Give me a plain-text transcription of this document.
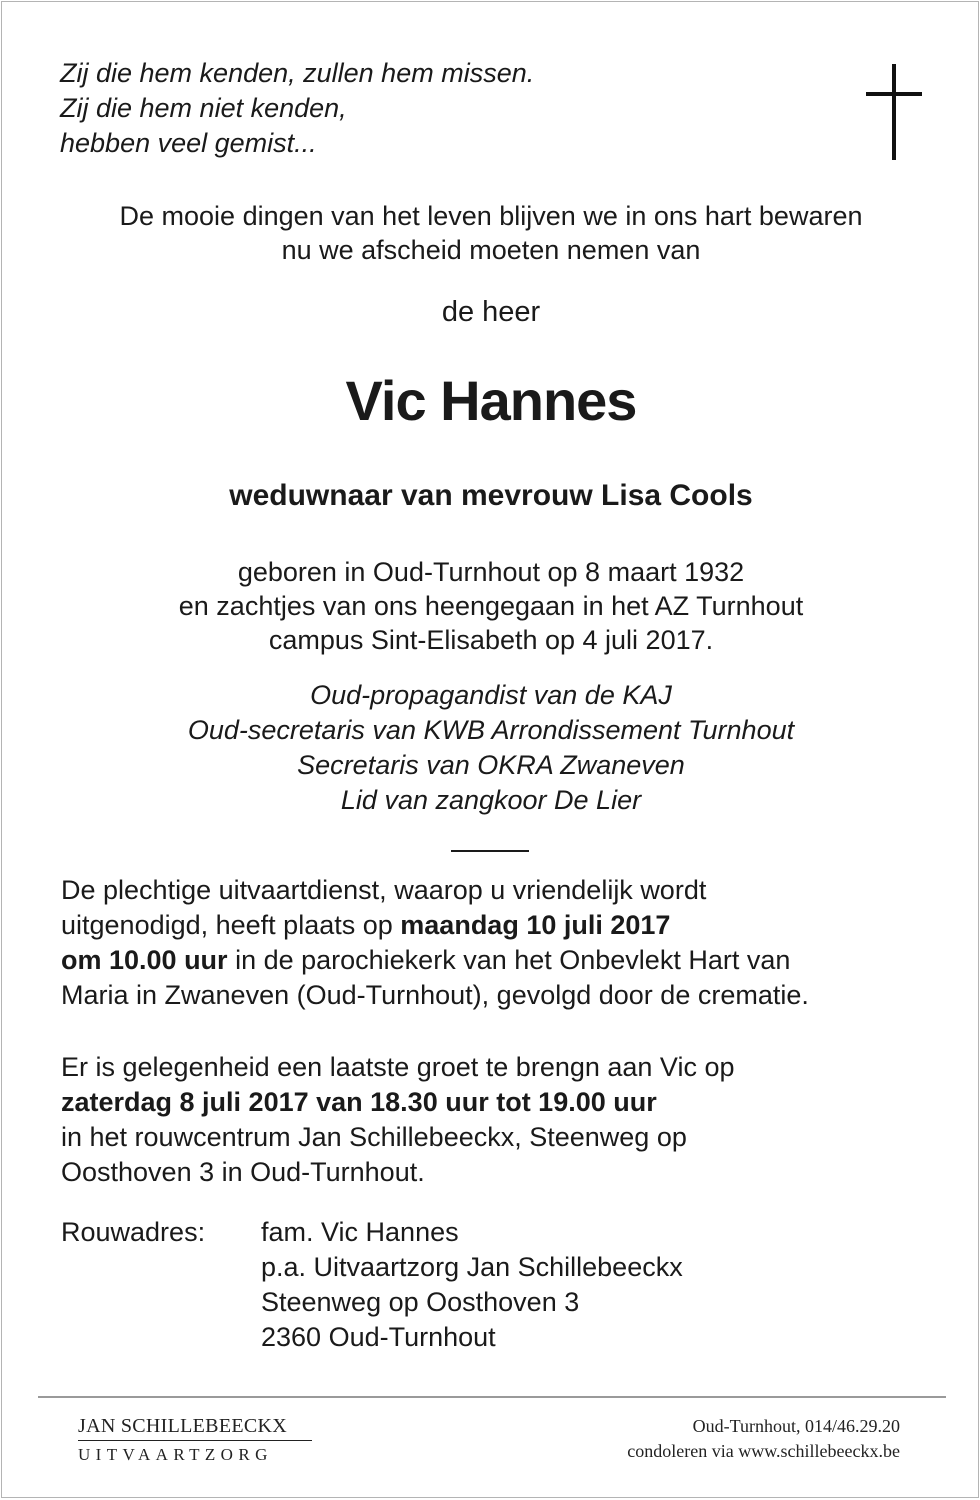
Zij die hem kenden, zullen hem missen.
Zij die hem niet kenden,
hebben veel gemist...
De mooie dingen van het leven blijven we in ons hart bewaren
nu we afscheid moeten nemen van
de heer
Vic Hannes
weduwnaar van mevrouw Lisa Cools
geboren in Oud-Turnhout op 8 maart 1932
en zachtjes van ons heengegaan in het AZ Turnhout
campus Sint-Elisabeth op 4 juli 2017.
Oud-propagandist van de KAJ
Oud-secretaris van KWB Arrondissement Turnhout
Secretaris van OKRA Zwaneven
Lid van zangkoor De Lier
De plechtige uitvaartdienst, waarop u vriendelijk wordt
uitgenodigd, heeft plaats op maandag 10 juli 2017
om 10.00 uur in de parochiekerk van het Onbevlekt Hart van
Maria in Zwaneven (Oud-Turnhout), gevolgd door de crematie.
Er is gelegenheid een laatste groet te brengn aan Vic op
zaterdag 8 juli 2017 van 18.30 uur tot 19.00 uur
in het rouwcentrum Jan Schillebeeckx, Steenweg op
Oosthoven 3 in Oud-Turnhout.
Rouwadres: fam. Vic Hannes
p.a. Uitvaartzorg Jan Schillebeeckx
Steenweg op Oosthoven 3
2360 Oud-Turnhout
JAN SCHILLEBEECKX
UITVAARTZORG
Oud-Turnhout, 014/46.29.20
condoleren via www.schillebeeckx.be
